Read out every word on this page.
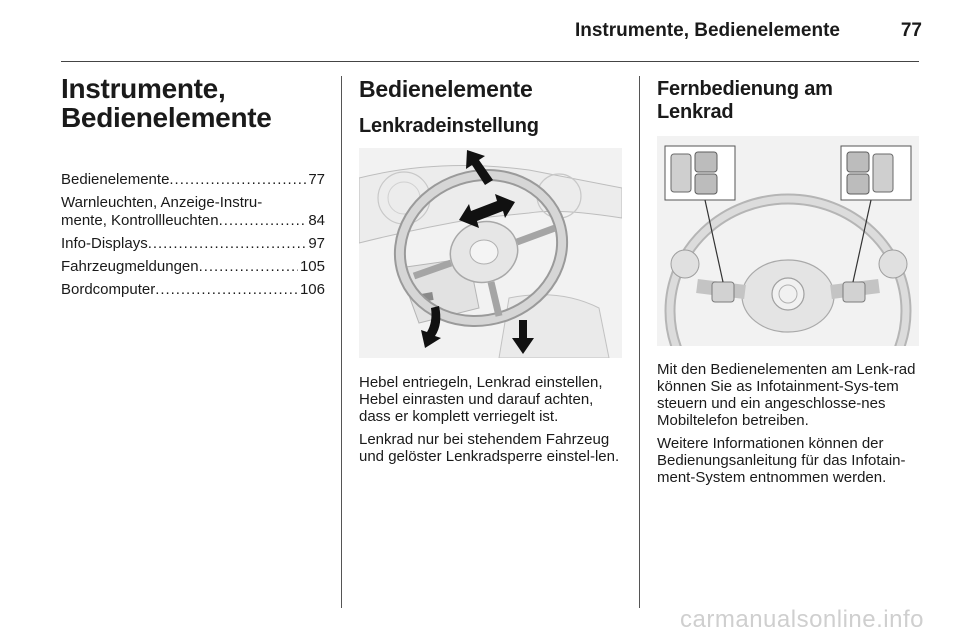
Instrumente, Bedienelemente	77
Instrumente,
Bedienelemente
Bedienelemente . . .	77
Warnleuchten, Anzeige-Instru-
mente, Kontrollleuchten . . .	84
Info-Displays . . .	97
Fahrzeugmeldungen . . .	105
Bordcomputer . . .	106
Bedienelemente
Lenkradeinstellung

Hebel entriegeln, Lenkrad einstellen, Hebel einrasten und darauf achten, dass er komplett verriegelt ist.

Lenkrad nur bei stehendem Fahrzeug und gelöster Lenkradsperre einstel-len.

Fernbedienung am
Lenkrad

Mit den Bedienelementen am Lenk-rad können Sie as Infotainment-Sys-tem steuern und ein angeschlosse-nes Mobiltelefon betreiben.

Weitere Informationen können der Bedienungsanleitung für das Infotain-ment-System entnommen werden.

carmanualsonline.info
